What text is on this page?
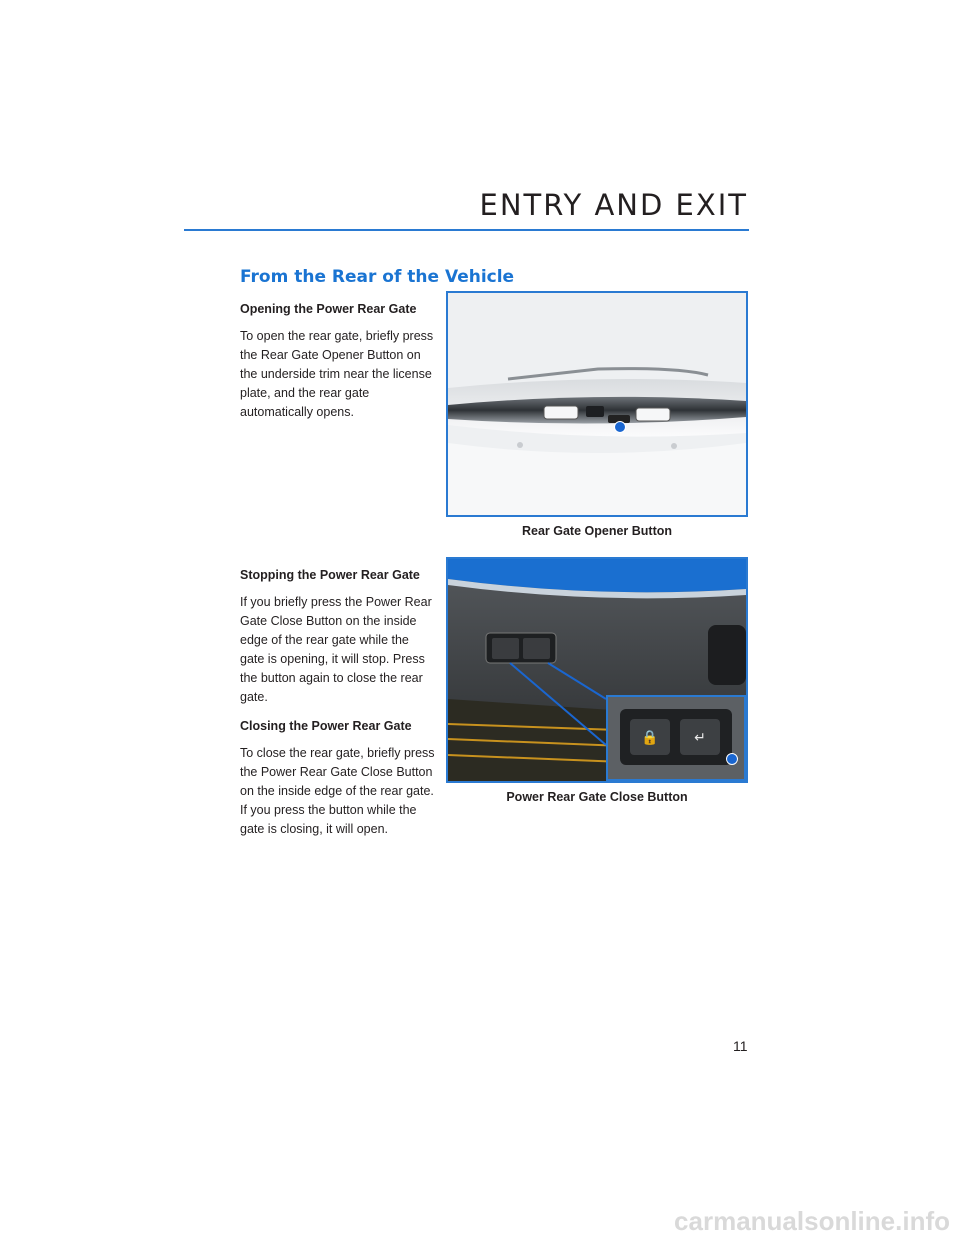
ENTRY AND EXIT
From the Rear of the Vehicle
Opening the Power Rear Gate

To open the rear gate, briefly press the Rear Gate Opener Button on the underside trim near the license plate, and the rear gate automatically opens.

Stopping the Power Rear Gate

If you briefly press the Power Rear Gate Close Button on the inside edge of the rear gate while the gate is opening, it will stop. Press the button again to close the rear gate.

Closing the Power Rear Gate

To close the rear gate, briefly press the Power Rear Gate Close Button on the inside edge of the rear gate. If you press the button while the gate is closing, it will open.

Rear Gate Opener Button
🔒	↵
Power Rear Gate Close Button
11
carmanualsonline.info
